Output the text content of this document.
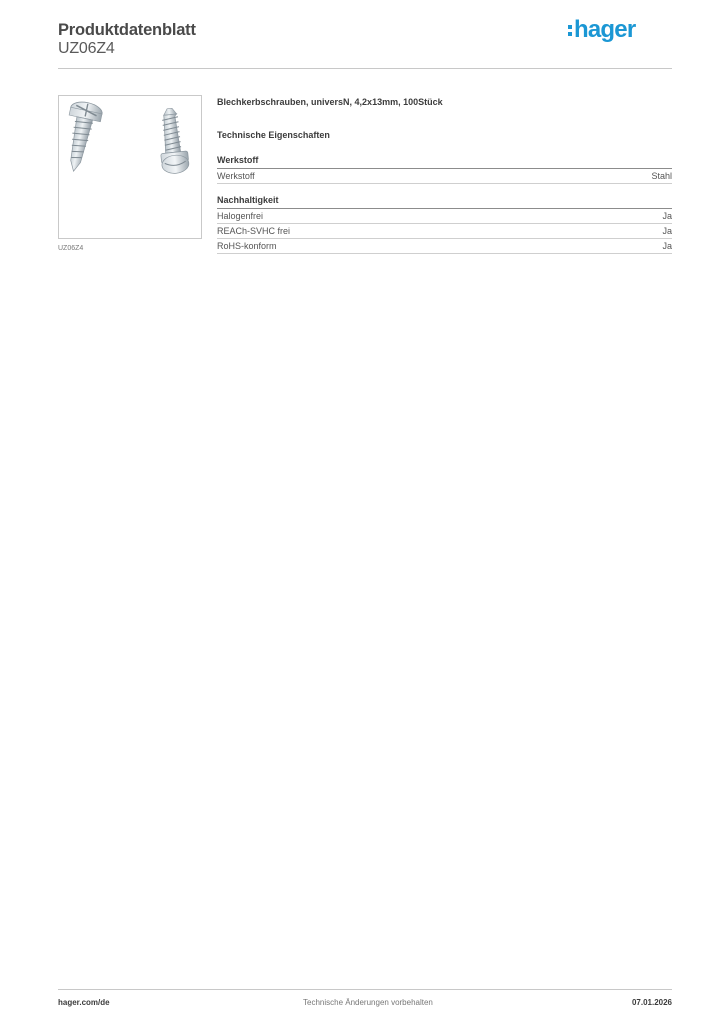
Produktdatenblatt
UZ06Z4
hager
UZ06Z4
Blechkerbschrauben, universN, 4,2x13mm, 100Stück
Technische Eigenschaften
Werkstoff
Werkstoff	Stahl
Nachhaltigkeit
Halogenfrei	Ja
REACh-SVHC frei	Ja
RoHS-konform	Ja
hager.com/de	Technische Änderungen vorbehalten	07.01.2026
